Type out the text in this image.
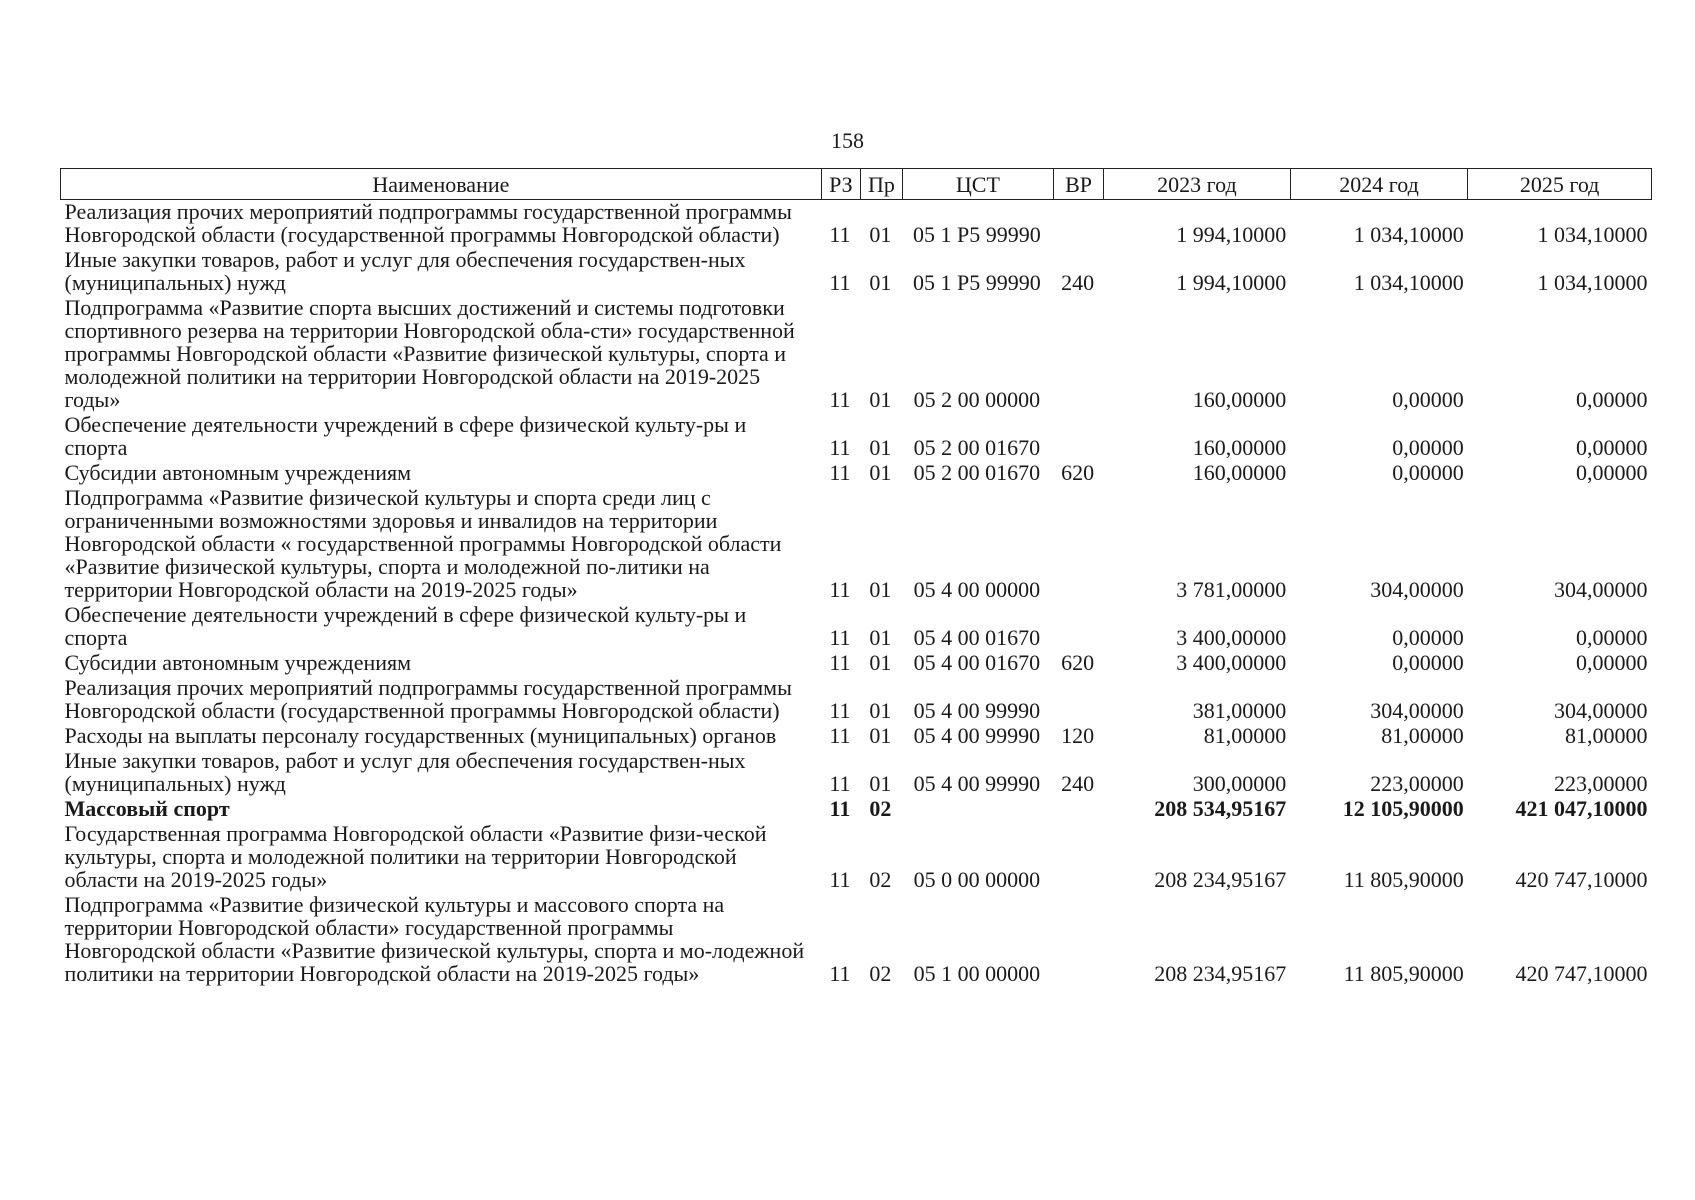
158
Наименование	РЗ	Пр	ЦСТ	ВР	2023 год	2024 год	2025 год
Реализация прочих мероприятий подпрограммы государственной программы Новгородской области (государственной программы Новгородской области)	11	01	05 1 Р5 99990		1 994,10000	1 034,10000	1 034,10000
Иные закупки товаров, работ и услуг для обеспечения государствен-ных (муниципальных) нужд	11	01	05 1 Р5 99990	240	1 994,10000	1 034,10000	1 034,10000
Подпрограмма «Развитие спорта высших достижений и системы подготовки спортивного резерва на территории Новгородской обла-сти» государственной программы Новгородской области «Развитие физической культуры, спорта и молодежной политики на территории Новгородской области на 2019-2025 годы»	11	01	05 2 00 00000		160,00000	0,00000	0,00000
Обеспечение деятельности учреждений в сфере физической культу-ры и спорта	11	01	05 2 00 01670		160,00000	0,00000	0,00000
Субсидии автономным учреждениям	11	01	05 2 00 01670	620	160,00000	0,00000	0,00000
Подпрограмма «Развитие физической культуры и спорта среди лиц с ограниченными возможностями здоровья и инвалидов на территории Новгородской области « государственной программы Новгородской области «Развитие физической культуры, спорта и молодежной по-литики на территории Новгородской области на 2019-2025 годы»	11	01	05 4 00 00000		3 781,00000	304,00000	304,00000
Обеспечение деятельности учреждений в сфере физической культу-ры и спорта	11	01	05 4 00 01670		3 400,00000	0,00000	0,00000
Субсидии автономным учреждениям	11	01	05 4 00 01670	620	3 400,00000	0,00000	0,00000
Реализация прочих мероприятий подпрограммы государственной программы Новгородской области (государственной программы Новгородской области)	11	01	05 4 00 99990		381,00000	304,00000	304,00000
Расходы на выплаты персоналу государственных (муниципальных) органов	11	01	05 4 00 99990	120	81,00000	81,00000	81,00000
Иные закупки товаров, работ и услуг для обеспечения государствен-ных (муниципальных) нужд	11	01	05 4 00 99990	240	300,00000	223,00000	223,00000
Массовый спорт	11	02			208 534,95167	12 105,90000	421 047,10000
Государственная программа Новгородской области «Развитие физи-ческой культуры, спорта и молодежной политики на территории Новгородской области на 2019-2025 годы»	11	02	05 0 00 00000		208 234,95167	11 805,90000	420 747,10000
Подпрограмма «Развитие физической культуры и массового спорта на территории Новгородской области» государственной программы Новгородской области «Развитие физической культуры, спорта и мо-лодежной политики на территории Новгородской области на 2019-2025 годы»	11	02	05 1 00 00000		208 234,95167	11 805,90000	420 747,10000
